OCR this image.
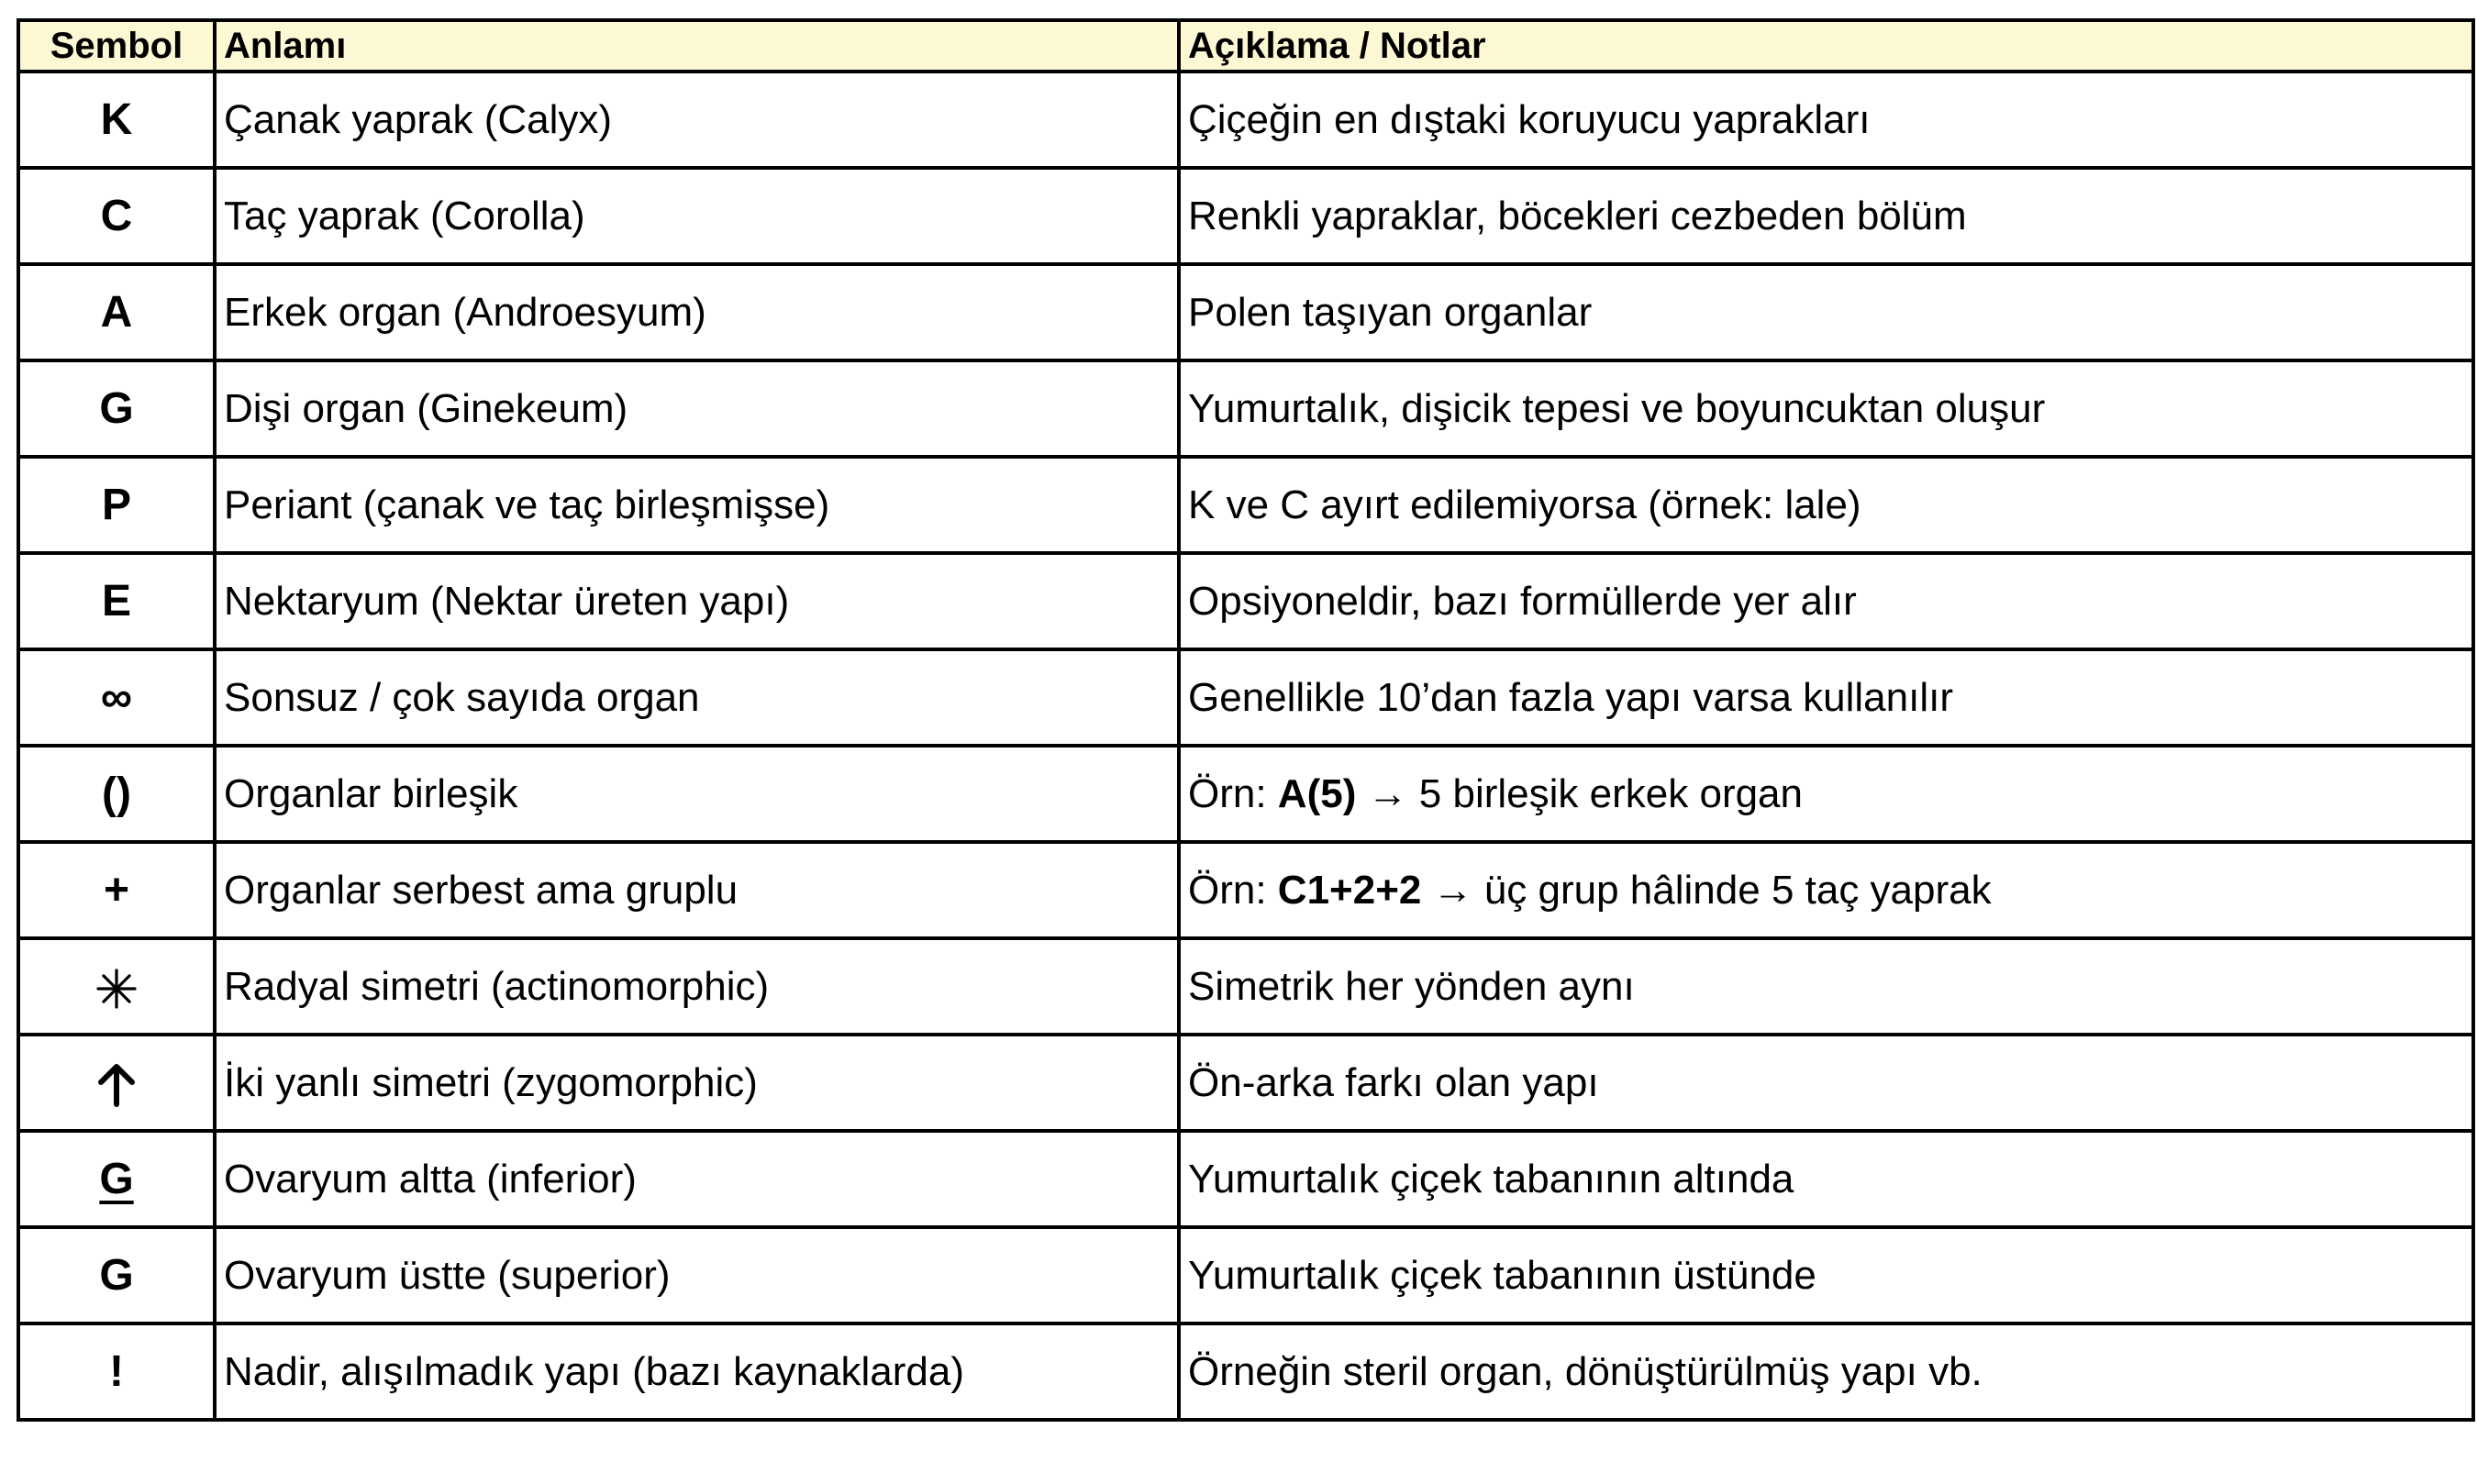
Sembol	Anlamı	Açıklama / Notlar
K	Çanak yaprak (Calyx)	Çiçeğin en dıştaki koruyucu yaprakları
C	Taç yaprak (Corolla)	Renkli yapraklar, böcekleri cezbeden bölüm
A	Erkek organ (Androesyum)	Polen taşıyan organlar
G	Dişi organ (Ginekeum)	Yumurtalık, dişicik tepesi ve boyuncuktan oluşur
P	Periant (çanak ve taç birleşmişse)	K ve C ayırt edilemiyorsa (örnek: lale)
E	Nektaryum (Nektar üreten yapı)	Opsiyoneldir, bazı formüllerde yer alır
∞	Sonsuz / çok sayıda organ	Genellikle 10’dan fazla yapı varsa kullanılır
()	Organlar birleşik	Örn: A(5) → 5 birleşik erkek organ
+	Organlar serbest ama gruplu	Örn: C1+2+2 → üç grup hâlinde 5 taç yaprak
	Radyal simetri (actinomorphic)	Simetrik her yönden aynı
	İki yanlı simetri (zygomorphic)	Ön-arka farkı olan yapı
G	Ovaryum altta (inferior)	Yumurtalık çiçek tabanının altında
G	Ovaryum üstte (superior)	Yumurtalık çiçek tabanının üstünde
!	Nadir, alışılmadık yapı (bazı kaynaklarda)	Örneğin steril organ, dönüştürülmüş yapı vb.
